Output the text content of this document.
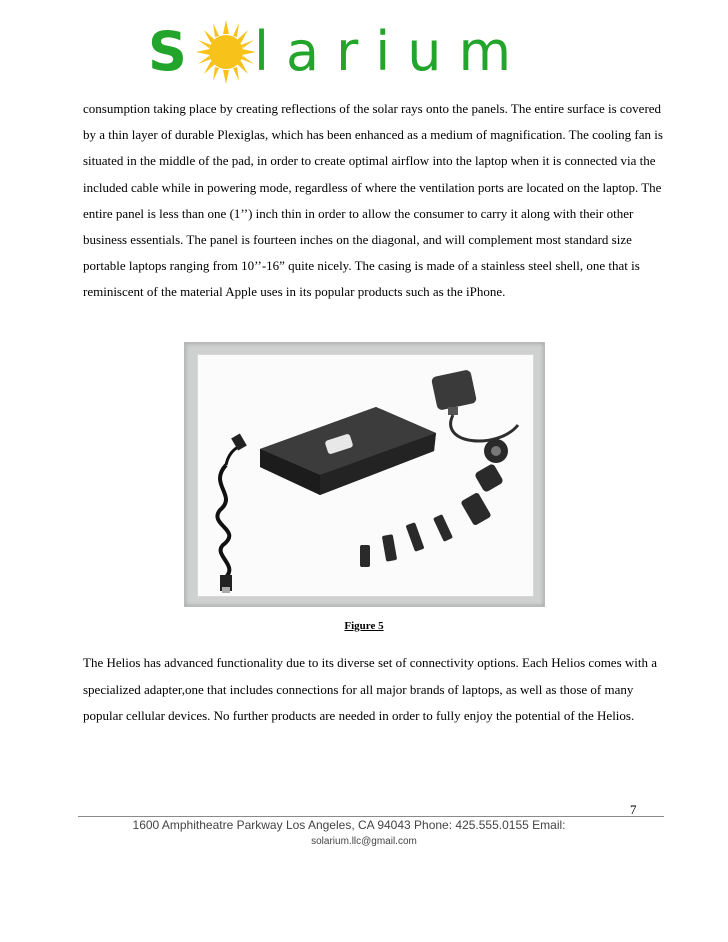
S larium
consumption taking place by creating reflections of the solar rays onto the panels. The entire surface is covered by a thin layer of durable Plexiglas, which has been enhanced as a medium of magnification. The cooling fan is situated in the middle of the pad, in order to create optimal airflow into the laptop when it is connected via the included cable while in powering mode, regardless of where the ventilation ports are located on the laptop. The entire panel is less than one (1’’) inch thin in order to allow the consumer to carry it along with their other business essentials. The panel is fourteen inches on the diagonal, and will complement most standard size portable laptops ranging from 10’’-16” quite nicely. The casing is made of a stainless steel shell, one that is reminiscent of the material Apple uses in its popular products such as the iPhone.
Figure 5
The Helios has advanced functionality due to its diverse set of connectivity options. Each Helios comes with a specialized adapter,one that includes connections for all major brands of laptops, as well as those of many popular cellular devices. No further products are needed in order to fully enjoy the potential of the Helios.
7
1600 Amphitheatre Parkway Los Angeles, CA 94043 Phone: 425.555.0155 Email:
solarium.llc@gmail.com
